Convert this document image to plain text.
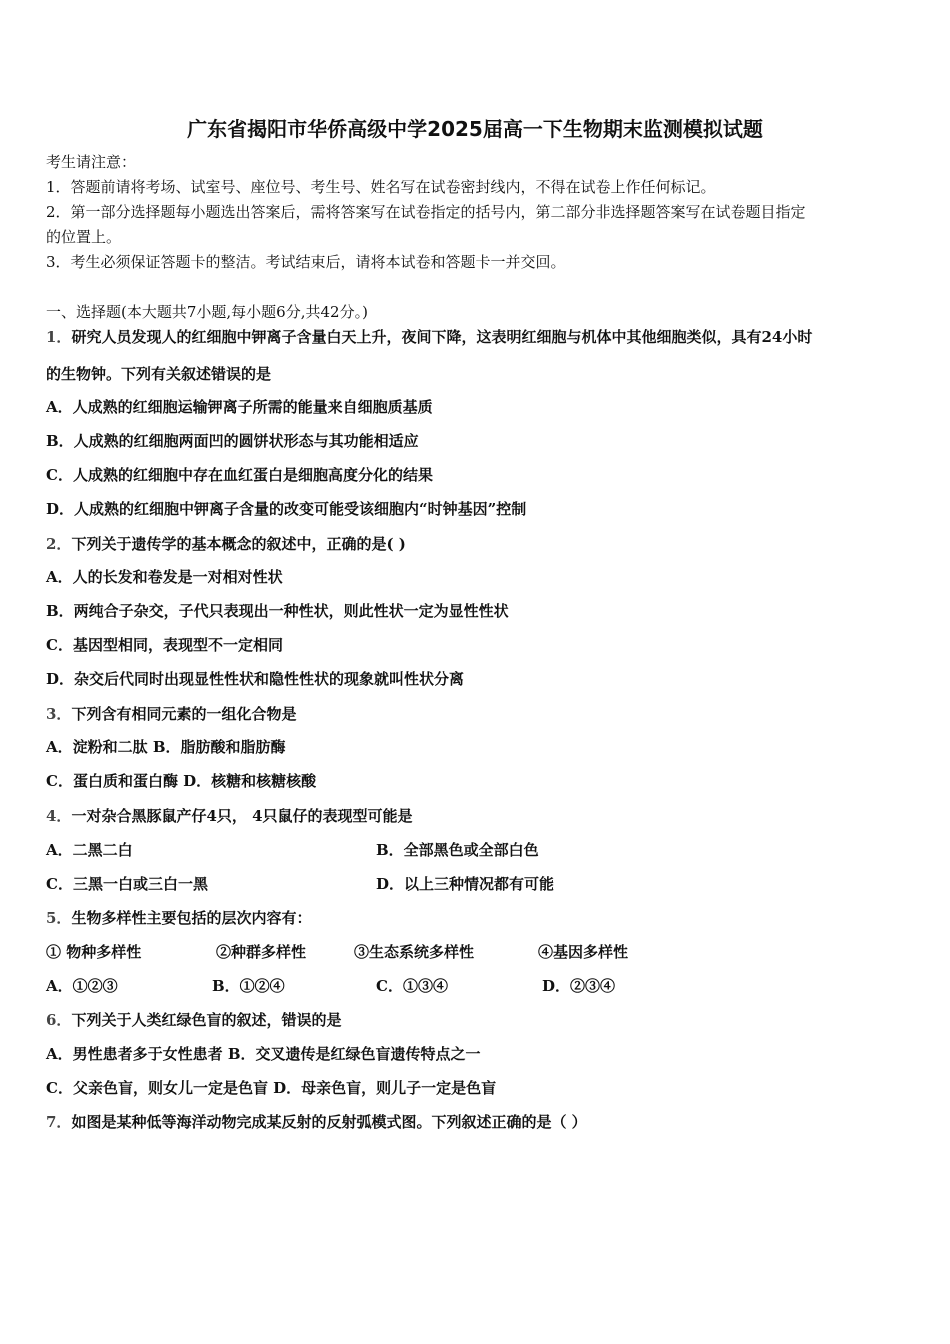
广东省揭阳市华侨高级中学2025届高一下生物期末监测模拟试题
考生请注意：
1．答题前请将考场、试室号、座位号、考生号、姓名写在试卷密封线内，不得在试卷上作任何标记。
2．第一部分选择题每小题选出答案后，需将答案写在试卷指定的括号内，第二部分非选择题答案写在试卷题目指定
的位置上。
3．考生必须保证答题卡的整洁。考试结束后，请将本试卷和答题卡一并交回。
一、选择题(本大题共7小题,每小题6分,共42分。)
1．研究人员发现人的红细胞中钾离子含量白天上升，夜间下降，这表明红细胞与机体中其他细胞类似，具有24小时
的生物钟。下列有关叙述错误的是
A．人成熟的红细胞运输钾离子所需的能量来自细胞质基质
B．人成熟的红细胞两面凹的圆饼状形态与其功能相适应
C．人成熟的红细胞中存在血红蛋白是细胞高度分化的结果
D．人成熟的红细胞中钾离子含量的改变可能受该细胞内“时钟基因”控制
2．下列关于遗传学的基本概念的叙述中，正确的是( )
A．人的长发和卷发是一对相对性状
B．两纯合子杂交，子代只表现出一种性状，则此性状一定为显性性状
C．基因型相同，表现型不一定相同
D．杂交后代同时出现显性性状和隐性性状的现象就叫性状分离
3．下列含有相同元素的一组化合物是
A．淀粉和二肽 B．脂肪酸和脂肪酶
C．蛋白质和蛋白酶 D．核糖和核糖核酸
4．一对杂合黑豚鼠产仔4只， 4只鼠仔的表现型可能是
A．二黑二白	B．全部黑色或全部白色
C．三黑一白或三白一黑	D．以上三种情况都有可能
5．生物多样性主要包括的层次内容有：
① 物种多样性	②种群多样性	③生态系统多样性	④基因多样性
A．①②③	B．①②④	C．①③④	D．②③④
6．下列关于人类红绿色盲的叙述，错误的是
A．男性患者多于女性患者 B．交叉遗传是红绿色盲遗传特点之一
C．父亲色盲，则女儿一定是色盲 D．母亲色盲，则儿子一定是色盲
7．如图是某种低等海洋动物完成某反射的反射弧模式图。下列叙述正确的是（ ）
